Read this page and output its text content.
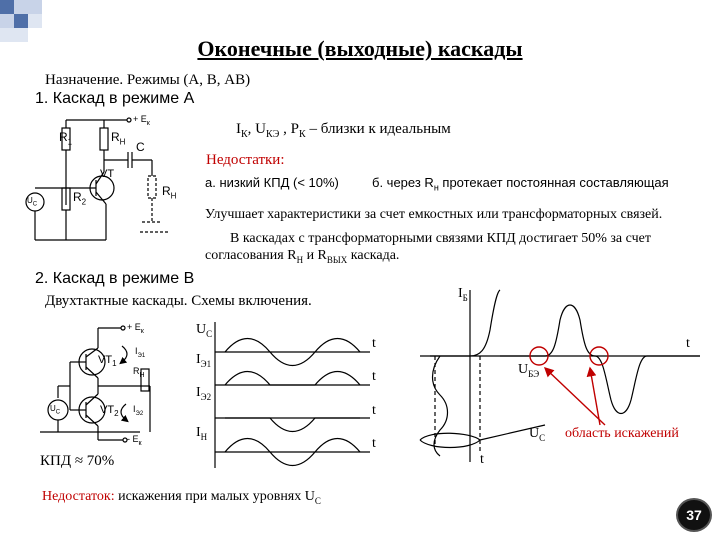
Оконечные (выходные) каскады
Назначение. Режимы (А, В, АВ)
1. Каскад в режиме А
$I_К$, $U_{КЭ}$ , $P_К$ – близки к идеальным
Недостатки:
а. низкий КПД (< 10%)	б. через $R_н$ протекает постоянная составляющая
Улучшает характеристики за счет емкостных или трансформаторных связей.
В каскадах с трансформаторными связями КПД достигает 50% за счет
согласования $R_Н$ и $R_{ВЫХ}$ каскада.
2. Каскад в режиме В
Двухтактные каскады. Схемы включения.
КПД ≈ 70%
Недостаток: искажения при малых уровнях $U_С$
37
$R_1$	$R_Н$ C
+ $E_к$
VT
$R_2$
$U_C$
$R_Н$
+ $E_к$
$VT_1$
$I_{Э1}$
$R_Н$
$U_C$	$VT_2$ $I_{Э2}$
- $E_к$
$U_C$
$I_{Э1}$
$I_{Э2}$
$I_Н$
t
t
t
t
$I_Б$
t
$U_{БЭ}$
$U_С$
t
область искажений
